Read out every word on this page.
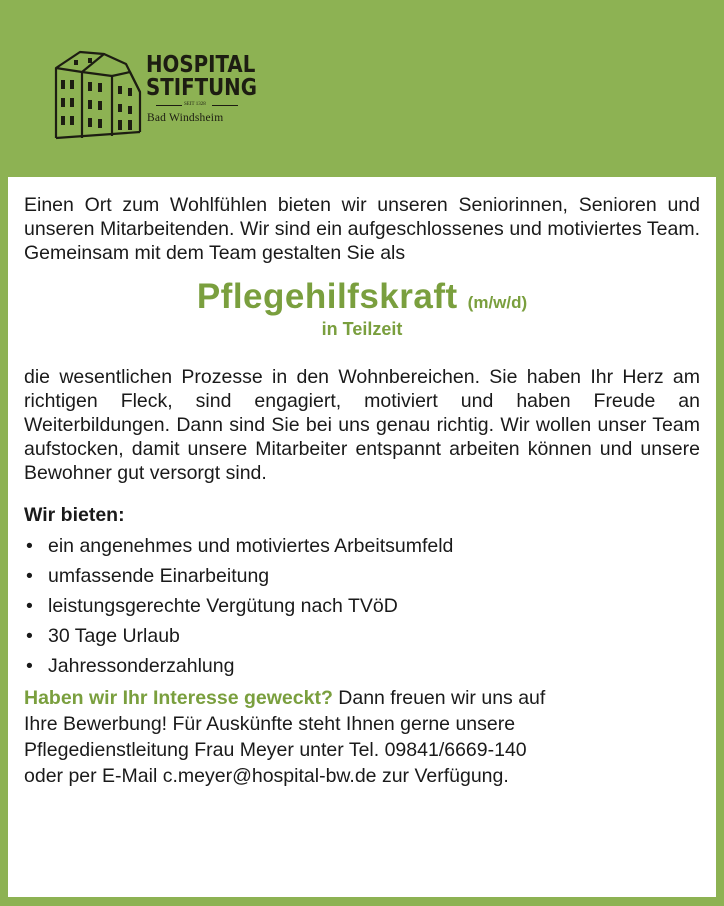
HOSPITAL
STIFTUNG
SEIT 1328
Bad Windsheim

Einen Ort zum Wohlfühlen bieten wir unseren Seniorinnen, Senioren und unseren Mitarbeitenden. Wir sind ein aufgeschlossenes und motiviertes Team. Gemeinsam mit dem Team gestalten Sie als

Pflegehilfskraft (m/w/d)
in Teilzeit

die wesentlichen Prozesse in den Wohnbereichen. Sie haben Ihr Herz am richtigen Fleck, sind engagiert, motiviert und haben Freude an Weiterbildungen. Dann sind Sie bei uns genau richtig. Wir wollen unser Team aufstocken, damit unsere Mitarbeiter entspannt arbeiten können und unsere Bewohner gut versorgt sind.

Wir bieten:
• ein angenehmes und motiviertes Arbeitsumfeld
• umfassende Einarbeitung
• leistungsgerechte Vergütung nach TVöD
• 30 Tage Urlaub
• Jahressonderzahlung
Haben wir Ihr Interesse geweckt? Dann freuen wir uns auf
Ihre Bewerbung! Für Auskünfte steht Ihnen gerne unsere
Pflegedienstleitung Frau Meyer unter Tel. 09841/6669-140
oder per E-Mail c.meyer@hospital-bw.de zur Verfügung.
